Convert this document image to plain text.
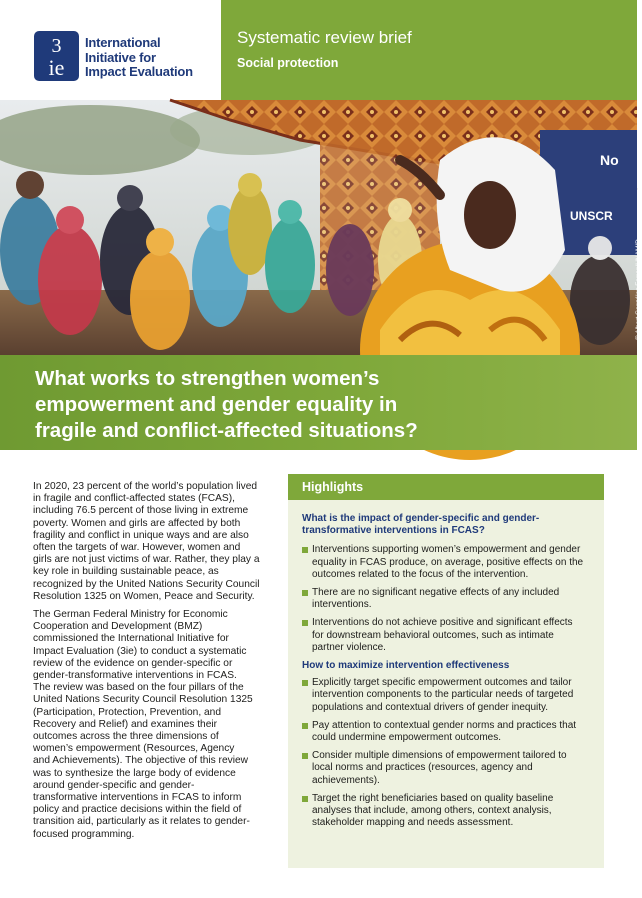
3
ie
International
Initiative for
Impact Evaluation
Systematic review brief
Social protection
No
UNSCR
© Albert González Farran/UNAMID
What works to strengthen women’s
empowerment and gender equality in
fragile and conflict-affected situations?

In 2020, 23 percent of the world’s population lived
in fragile and conflict-affected states (FCAS),
including 76.5 percent of those living in extreme
poverty. Women and girls are affected by both
fragility and conflict in unique ways and are also
often the targets of war. However, women and
girls are not just victims of war. Rather, they play a
key role in building sustainable peace, as
recognized by the United Nations Security Council
Resolution 1325 on Women, Peace and Security.

The German Federal Ministry for Economic
Cooperation and Development (BMZ)
commissioned the International Initiative for
Impact Evaluation (3ie) to conduct a systematic
review of the evidence on gender-specific or
gender-transformative interventions in FCAS.
The review was based on the four pillars of the
United Nations Security Council Resolution 1325
(Participation, Protection, Prevention, and
Recovery and Relief) and examines their
outcomes across the three dimensions of
women’s empowerment (Resources, Agency
and Achievements). The objective of this review
was to synthesize the large body of evidence
around gender-specific and gender-
transformative interventions in FCAS to inform
policy and practice decisions within the field of
transition aid, particularly as it relates to gender-
focused programming.

Highlights
What is the impact of gender-specific and gender-
transformative interventions in FCAS?
Interventions supporting women’s empowerment and gender
equality in FCAS produce, on average, positive effects on the
outcomes related to the focus of the intervention.
There are no significant negative effects of any included
interventions.
Interventions do not achieve positive and significant effects
for downstream behavioral outcomes, such as intimate
partner violence.
How to maximize intervention effectiveness
Explicitly target specific empowerment outcomes and tailor
intervention components to the particular needs of targeted
populations and contextual drivers of gender inequity.
Pay attention to contextual gender norms and practices that
could undermine empowerment outcomes.
Consider multiple dimensions of empowerment tailored to
local norms and practices (resources, agency and
achievements).
Target the right beneficiaries based on quality baseline
analyses that include, among others, context analysis,
stakeholder mapping and needs assessment.
